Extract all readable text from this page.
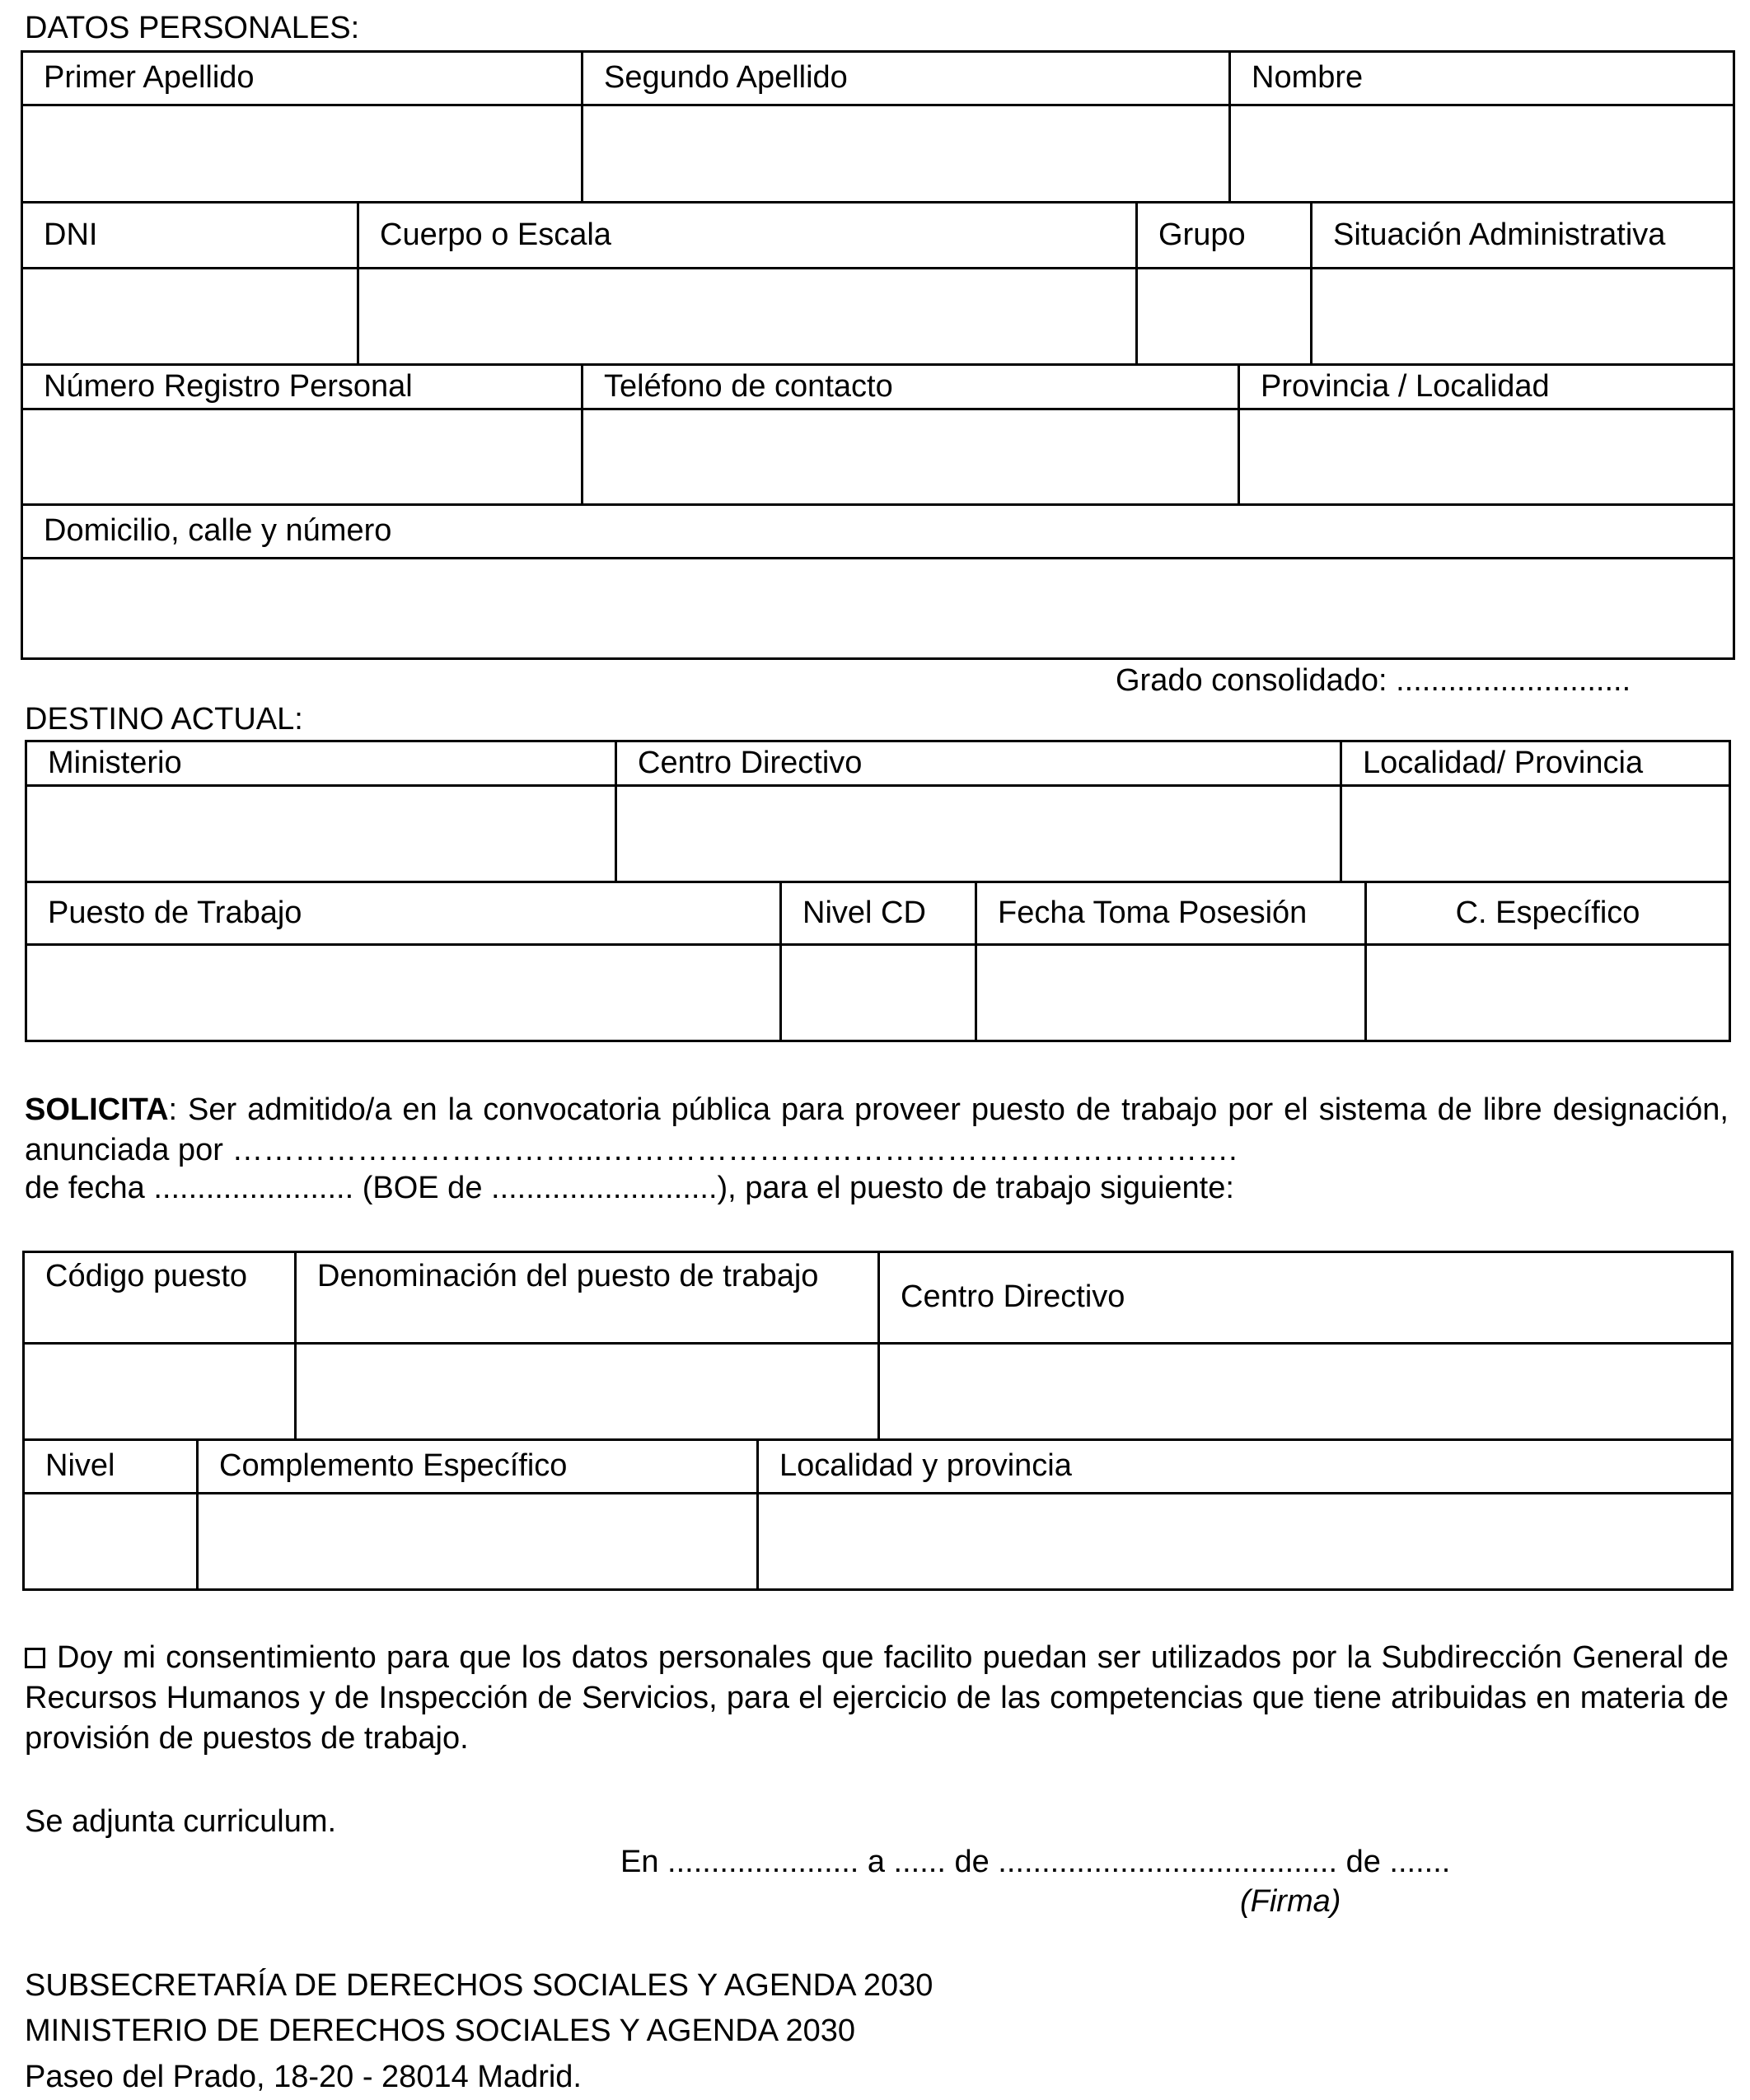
DATOS PERSONALES:
Primer Apellido	Segundo Apellido	Nombre

DNI	Cuerpo o Escala	Grupo	Situación Administrativa

Número Registro Personal	Teléfono de contacto	Provincia / Localidad

Domicilio, calle y número

Grado consolidado: ...........................
DESTINO ACTUAL:
Ministerio	Centro Directivo	Localidad/ Provincia

Puesto de Trabajo	Nivel CD	Fecha Toma Posesión	C. Específico

SOLICITA: Ser admitido/a en la convocatoria pública para proveer puesto de trabajo por el sistema de libre designación, anunciada por ……………………………...…………………………………………………….
de fecha ....................... (BOE de ..........................), para el puesto de trabajo siguiente:
Código puesto	Denominación del puesto de trabajo	Centro Directivo

Nivel	Complemento Específico	Localidad y provincia

Doy mi consentimiento para que los datos personales que facilito puedan ser utilizados por la Subdirección General de Recursos Humanos y de Inspección de Servicios, para el ejercicio de las competencias que tiene atribuidas en materia de provisión de puestos de trabajo.
Se adjunta curriculum.
En ...................... a ...... de ....................................... de .......
(Firma)
SUBSECRETARÍA DE DERECHOS SOCIALES Y AGENDA 2030
MINISTERIO DE DERECHOS SOCIALES Y AGENDA 2030
Paseo del Prado, 18-20 - 28014 Madrid.
